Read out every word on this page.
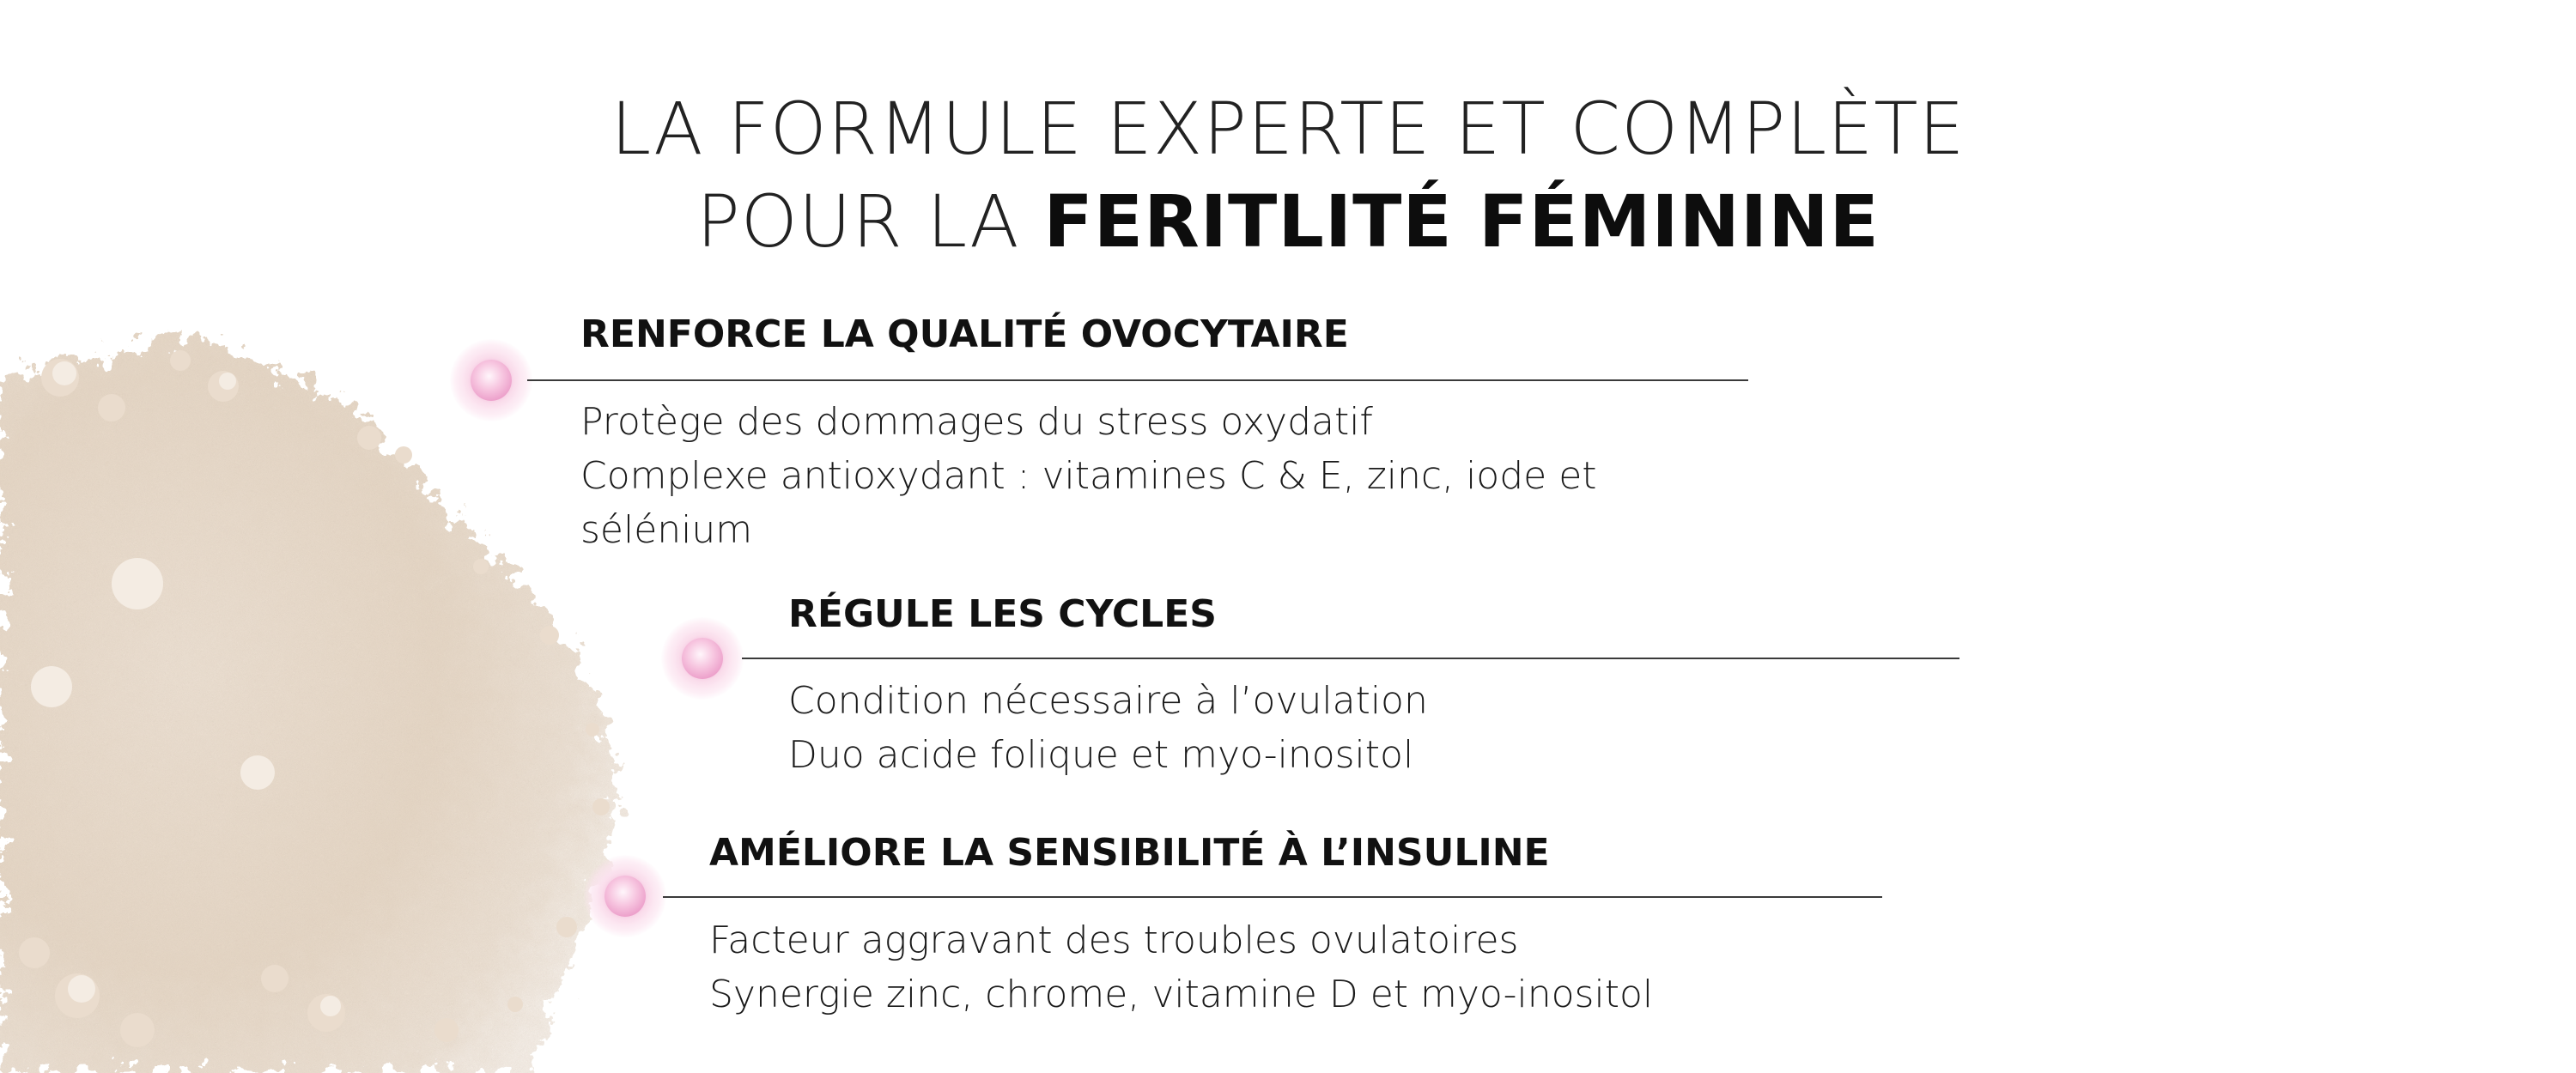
LA FORMULE EXPERTE ET COMPLÈTE
POUR LA FERITLITÉ FÉMININE
RENFORCE LA QUALITÉ OVOCYTAIRE
Protège des dommages du stress oxydatif
Complexe antioxydant : vitamines C & E, zinc, iode et
sélénium
RÉGULE LES CYCLES
Condition nécessaire à l’ovulation
Duo acide folique et myo-inositol
AMÉLIORE LA SENSIBILITÉ À L’INSULINE
Facteur aggravant des troubles ovulatoires
Synergie zinc, chrome, vitamine D et myo-inositol
